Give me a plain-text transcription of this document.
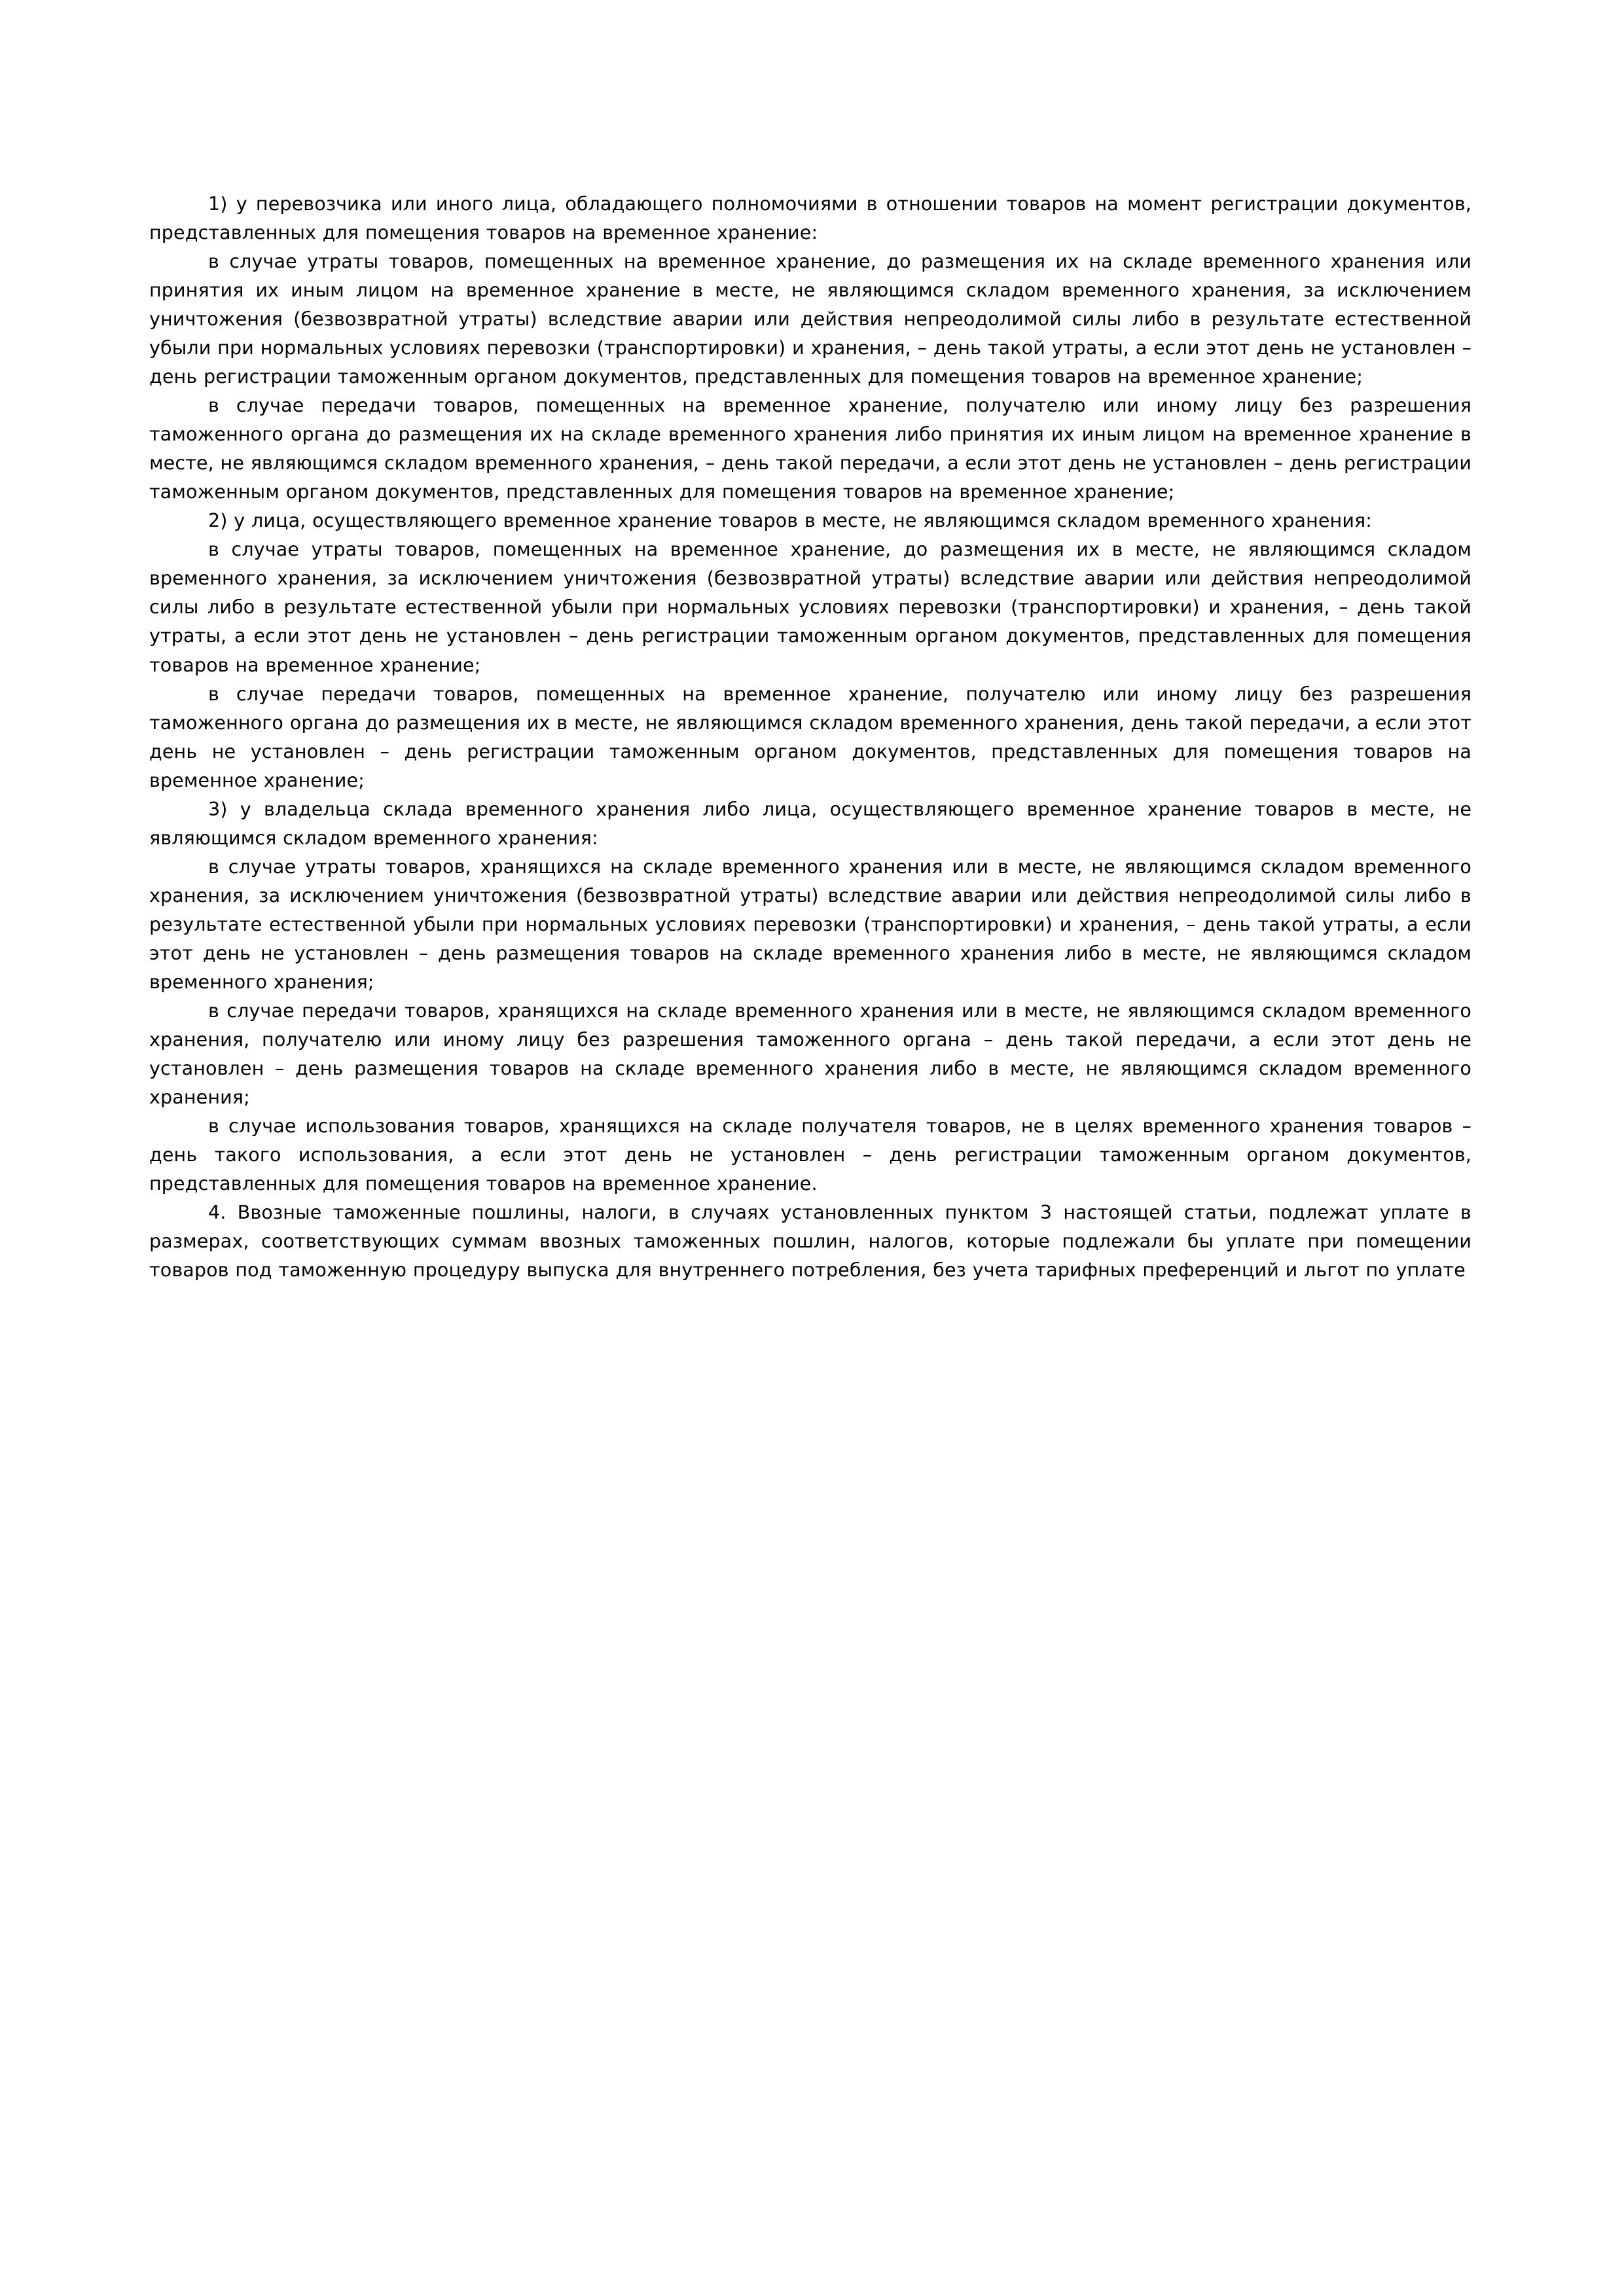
1) у перевозчика или иного лица, обладающего полномочиями в отношении товаров на момент регистрации документов, представленных для помещения товаров на временное хранение:

в случае утраты товаров, помещенных на временное хранение, до размещения их на складе временного хранения или принятия их иным лицом на временное хранение в месте, не являющимся складом временного хранения, за исключением уничтожения (безвозвратной утраты) вследствие аварии или действия непреодолимой силы либо в результате естественной убыли при нормальных условиях перевозки (транспортировки) и хранения, – день такой утраты, а если этот день не установлен – день регистрации таможенным органом документов, представленных для помещения товаров на временное хранение;

в случае передачи товаров, помещенных на временное хранение, получателю или иному лицу без разрешения таможенного органа до размещения их на складе временного хранения либо принятия их иным лицом на временное хранение в месте, не являющимся складом временного хранения, – день такой передачи, а если этот день не установлен – день регистрации таможенным органом документов, представленных для помещения товаров на временное хранение;

2) у лица, осуществляющего временное хранение товаров в месте, не являющимся складом временного хранения:

в случае утраты товаров, помещенных на временное хранение, до размещения их в месте, не являющимся складом временного хранения, за исключением уничтожения (безвозвратной утраты) вследствие аварии или действия непреодолимой силы либо в результате естественной убыли при нормальных условиях перевозки (транспортировки) и хранения, – день такой утраты, а если этот день не установлен – день регистрации таможенным органом документов, представленных для помещения товаров на временное хранение;

в случае передачи товаров, помещенных на временное хранение, получателю или иному лицу без разрешения таможенного органа до размещения их в месте, не являющимся складом временного хранения, день такой передачи, а если этот день не установлен – день регистрации таможенным органом документов, представленных для помещения товаров на временное хранение;

3) у владельца склада временного хранения либо лица, осуществляющего временное хранение товаров в месте, не являющимся складом временного хранения:

в случае утраты товаров, хранящихся на складе временного хранения или в месте, не являющимся складом временного хранения, за исключением уничтожения (безвозвратной утраты) вследствие аварии или действия непреодолимой силы либо в результате естественной убыли при нормальных условиях перевозки (транспортировки) и хранения, – день такой утраты, а если этот день не установлен – день размещения товаров на складе временного хранения либо в месте, не являющимся складом временного хранения;

в случае передачи товаров, хранящихся на складе временного хранения или в месте, не являющимся складом временного хранения, получателю или иному лицу без разрешения таможенного органа – день такой передачи, а если этот день не установлен – день размещения товаров на складе временного хранения либо в месте, не являющимся складом временного хранения;

в случае использования товаров, хранящихся на складе получателя товаров, не в целях временного хранения товаров – день такого использования, а если этот день не установлен – день регистрации таможенным органом документов, представленных для помещения товаров на временное хранение.

4. Ввозные таможенные пошлины, налоги, в случаях установленных пунктом 3 настоящей статьи, подлежат уплате в размерах, соответствующих суммам ввозных таможенных пошлин, налогов, которые подлежали бы уплате при помещении товаров под таможенную процедуру выпуска для внутреннего потребления, без учета тарифных преференций и льгот по уплате
